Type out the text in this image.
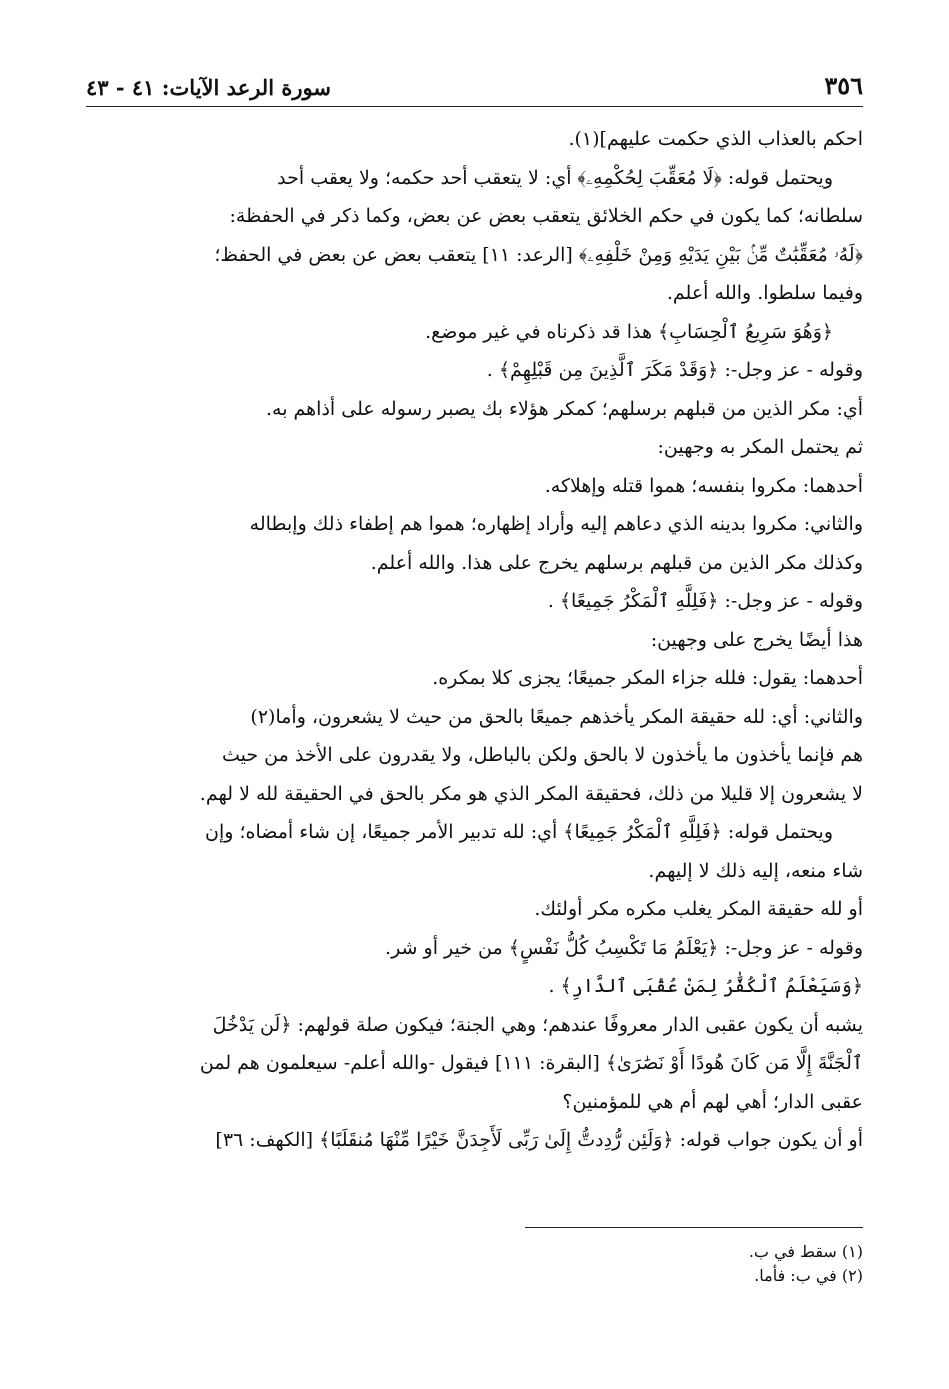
٣٥٦
سورة الرعد الآيات: ٤١ - ٤٣
احكم بالعذاب الذي حكمت عليهم](١).
ويحتمل قوله: ﴿لَا مُعَقِّبَ لِحُكْمِهِۦ﴾ أي: لا يتعقب أحد حكمه؛ ولا يعقب أحد
سلطانه؛ كما يكون في حكم الخلائق يتعقب بعض عن بعض، وكما ذكر في الحفظة:
﴿لَهُۥ مُعَقِّبَٰتٌ مِّنۢ بَيْنِ يَدَيْهِ وَمِنْ خَلْفِهِۦ﴾ [الرعد: ١١] يتعقب بعض عن بعض في الحفظ؛
وفيما سلطوا. والله أعلم.
﴿وَهُوَ سَرِيعُ ٱلْحِسَابِ﴾ هذا قد ذكرناه في غير موضع.
وقوله - عز وجل-: ﴿وَقَدْ مَكَرَ ٱلَّذِينَ مِن قَبْلِهِمْ﴾ .
أي: مكر الذين من قبلهم برسلهم؛ كمكر هؤلاء بك يصبر رسوله على أذاهم به.
ثم يحتمل المكر به وجهين:
أحدهما: مكروا بنفسه؛ هموا قتله وإهلاكه.
والثاني: مكروا بدينه الذي دعاهم إليه وأراد إظهاره؛ هموا هم إطفاء ذلك وإبطاله
وكذلك مكر الذين من قبلهم برسلهم يخرج على هذا. والله أعلم.
وقوله - عز وجل-: ﴿فَلِلَّهِ ٱلْمَكْرُ جَمِيعًا﴾ .
هذا أيضًا يخرج على وجهين:
أحدهما: يقول: فلله جزاء المكر جميعًا؛ يجزى كلا بمكره.
والثاني: أي: لله حقيقة المكر يأخذهم جميعًا بالحق من حيث لا يشعرون، وأما(٢)
هم فإنما يأخذون ما يأخذون لا بالحق ولكن بالباطل، ولا يقدرون على الأخذ من حيث
لا يشعرون إلا قليلا من ذلك، فحقيقة المكر الذي هو مكر بالحق في الحقيقة لله لا لهم.
ويحتمل قوله: ﴿فَلِلَّهِ ٱلْمَكْرُ جَمِيعًا﴾ أي: لله تدبير الأمر جميعًا، إن شاء أمضاه؛ وإن
شاء منعه، إليه ذلك لا إليهم.
أو لله حقيقة المكر يغلب مكره مكر أولئك.
وقوله - عز وجل-: ﴿يَعْلَمُ مَا تَكْسِبُ كُلُّ نَفْسٍ﴾ من خير أو شر.
﴿وَسَيَعْلَمُ ٱلْكُفَّٰرُ لِمَنْ عُقْبَى ٱلدَّارِ﴾ .
يشبه أن يكون عقبى الدار معروفًا عندهم؛ وهي الجنة؛ فيكون صلة قولهم: ﴿لَن يَدْخُلَ
ٱلْجَنَّةَ إِلَّا مَن كَانَ هُودًا أَوْ نَصَٰرَىٰ﴾ [البقرة: ١١١] فيقول -والله أعلم- سيعلمون هم لمن
عقبى الدار؛ أهي لهم أم هي للمؤمنين؟
أو أن يكون جواب قوله: ﴿وَلَئِن رُّدِدتُّ إِلَىٰ رَبِّى لَأَجِدَنَّ خَيْرًا مِّنْهَا مُنقَلَبًا﴾ [الكهف: ٣٦]
(١) سقط في ب.
(٢) في ب: فأما.
